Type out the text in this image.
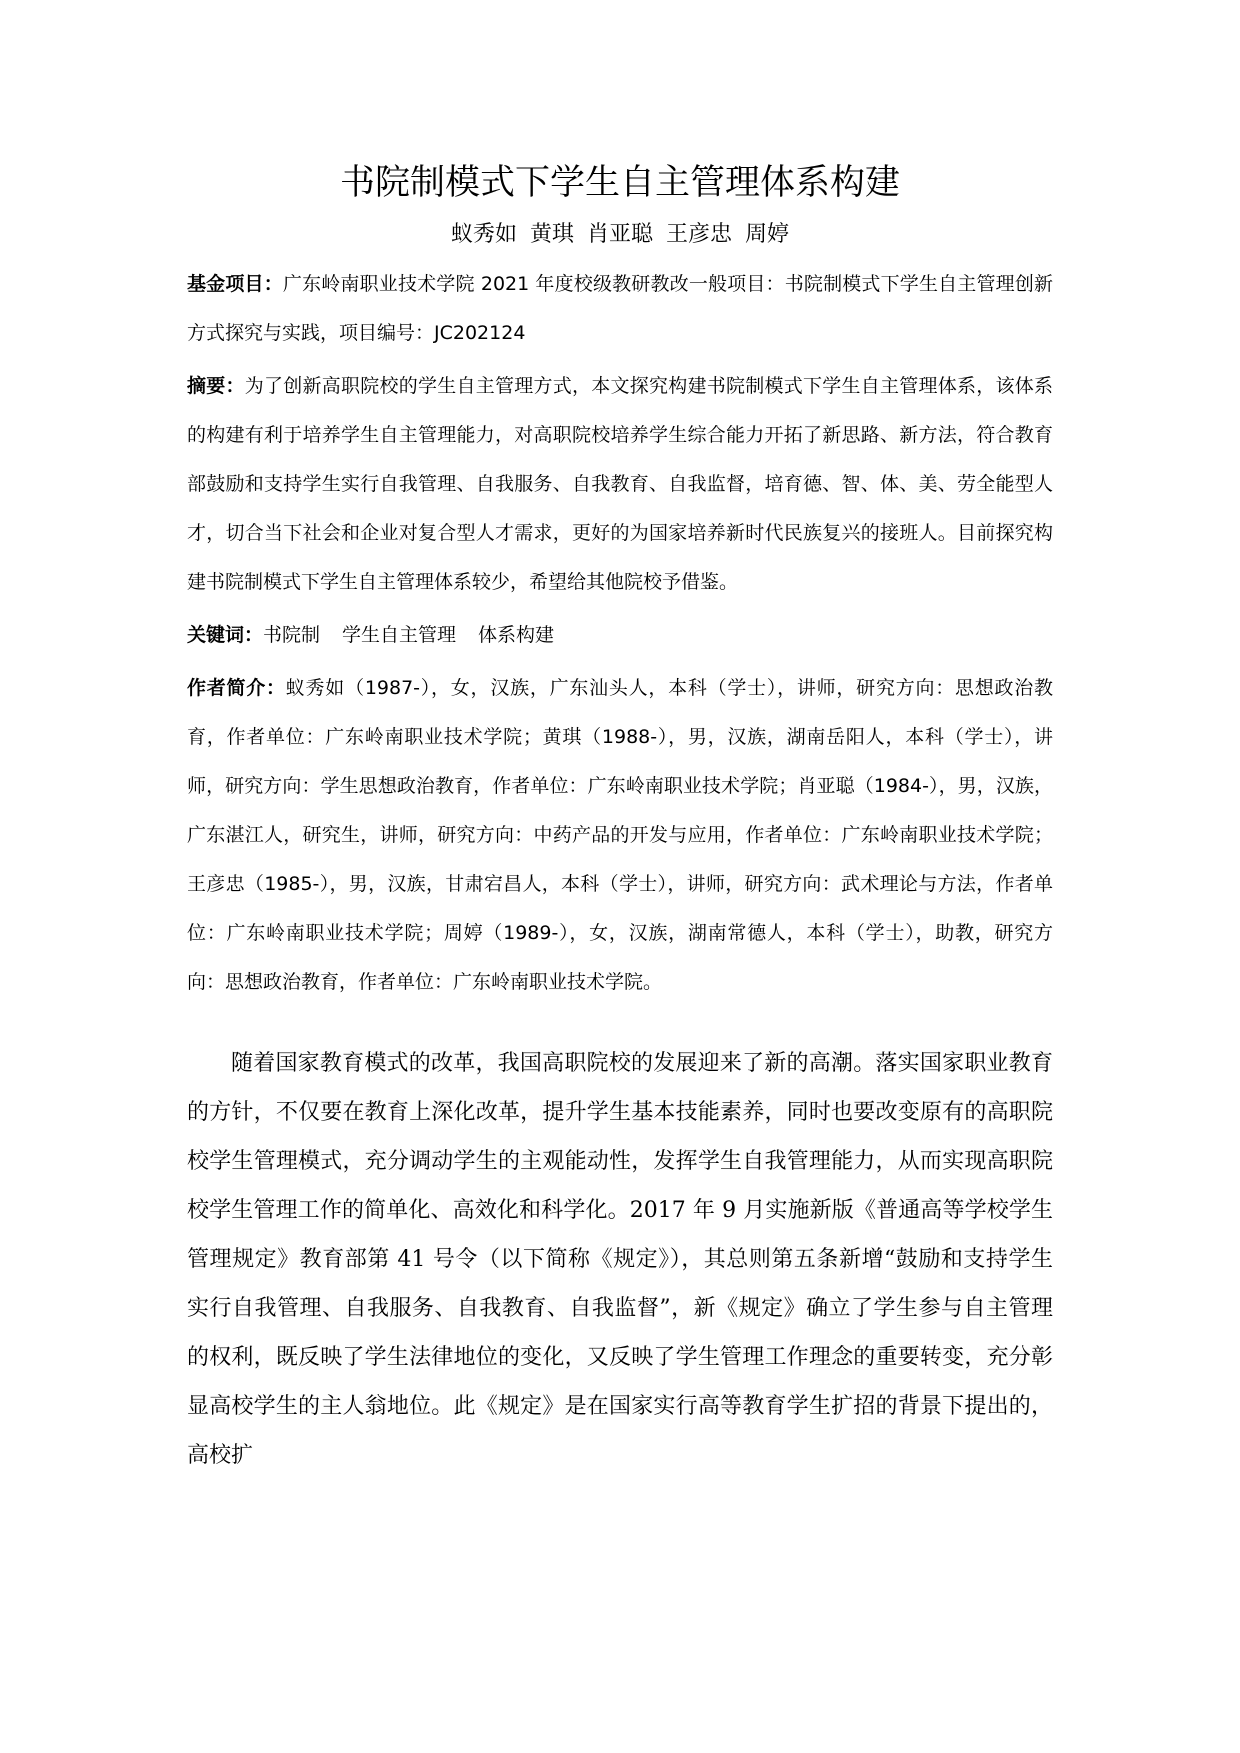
书院制模式下学生自主管理体系构建
蚁秀如 黄琪 肖亚聪 王彦忠 周婷

基金项目：广东岭南职业技术学院 2021 年度校级教研教改一般项目：书院制模式下学生自主管理创新方式探究与实践，项目编号：JC202124

摘要：为了创新高职院校的学生自主管理方式，本文探究构建书院制模式下学生自主管理体系，该体系的构建有利于培养学生自主管理能力，对高职院校培养学生综合能力开拓了新思路、新方法，符合教育部鼓励和支持学生实行自我管理、自我服务、自我教育、自我监督，培育德、智、体、美、劳全能型人才，切合当下社会和企业对复合型人才需求，更好的为国家培养新时代民族复兴的接班人。目前探究构建书院制模式下学生自主管理体系较少，希望给其他院校予借鉴。

关键词：书院制 学生自主管理 体系构建

作者简介：蚁秀如（1987-），女，汉族，广东汕头人，本科（学士），讲师，研究方向：思想政治教育，作者单位：广东岭南职业技术学院；黄琪（1988-），男，汉族，湖南岳阳人，本科（学士），讲师，研究方向：学生思想政治教育，作者单位：广东岭南职业技术学院；肖亚聪（1984-），男，汉族，广东湛江人，研究生，讲师，研究方向：中药产品的开发与应用，作者单位：广东岭南职业技术学院；王彦忠（1985-），男，汉族，甘肃宕昌人，本科（学士），讲师，研究方向：武术理论与方法，作者单位：广东岭南职业技术学院；周婷（1989-），女，汉族，湖南常德人，本科（学士），助教，研究方向：思想政治教育，作者单位：广东岭南职业技术学院。

随着国家教育模式的改革，我国高职院校的发展迎来了新的高潮。落实国家职业教育的方针，不仅要在教育上深化改革，提升学生基本技能素养，同时也要改变原有的高职院校学生管理模式，充分调动学生的主观能动性，发挥学生自我管理能力，从而实现高职院校学生管理工作的简单化、高效化和科学化。2017 年 9 月实施新版《普通高等学校学生管理规定》教育部第 41 号令（以下简称《规定》），其总则第五条新增“鼓励和支持学生实行自我管理、自我服务、自我教育、自我监督”，新《规定》确立了学生参与自主管理的权利，既反映了学生法律地位的变化，又反映了学生管理工作理念的重要转变，充分彰显高校学生的主人翁地位。此《规定》是在国家实行高等教育学生扩招的背景下提出的，高校扩
